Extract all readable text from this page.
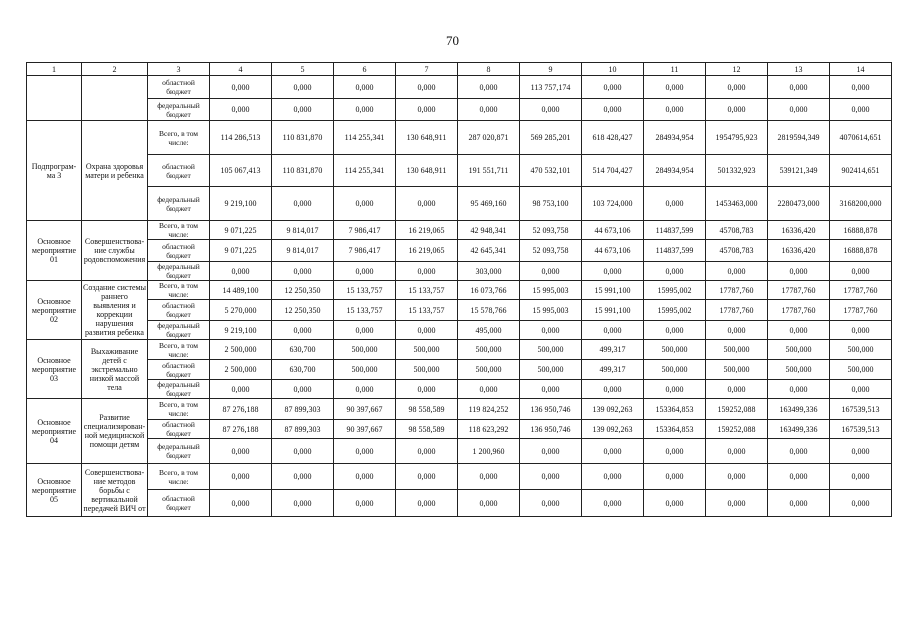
70
1	2	3	4	5	6	7	8	9	10	11	12	13	14
		областной бюджет	0,000	0,000	0,000	0,000	0,000	113 757,174	0,000	0,000	0,000	0,000	0,000
		федеральный бюджет	0,000	0,000	0,000	0,000	0,000	0,000	0,000	0,000	0,000	0,000	0,000
Подпрограм-ма 3	Охрана здоровья матери и ребенка	Всего, в том числе:	114 286,513	110 831,870	114 255,341	130 648,911	287 020,871	569 285,201	618 428,427	284934,954	1954795,923	2819594,349	4070614,651
		областной бюджет	105 067,413	110 831,870	114 255,341	130 648,911	191 551,711	470 532,101	514 704,427	284934,954	501332,923	539121,349	902414,651
		федеральный бюджет	9 219,100	0,000	0,000	0,000	95 469,160	98 753,100	103 724,000	0,000	1453463,000	2280473,000	3168200,000
Основное мероприятие 01	Совершенствова-ние службы родовспоможения	Всего, в том числе:	9 071,225	9 814,017	7 986,417	16 219,065	42 948,341	52 093,758	44 673,106	114837,599	45708,783	16336,420	16888,878
		областной бюджет	9 071,225	9 814,017	7 986,417	16 219,065	42 645,341	52 093,758	44 673,106	114837,599	45708,783	16336,420	16888,878
		федеральный бюджет	0,000	0,000	0,000	0,000	303,000	0,000	0,000	0,000	0,000	0,000	0,000
Основное мероприятие 02	Создание системы раннего выявления и коррекции нарушения развития ребенка	Всего, в том числе:	14 489,100	12 250,350	15 133,757	15 133,757	16 073,766	15 995,003	15 991,100	15995,002	17787,760	17787,760	17787,760
		областной бюджет	5 270,000	12 250,350	15 133,757	15 133,757	15 578,766	15 995,003	15 991,100	15995,002	17787,760	17787,760	17787,760
		федеральный бюджет	9 219,100	0,000	0,000	0,000	495,000	0,000	0,000	0,000	0,000	0,000	0,000
Основное мероприятие 03	Выхаживание детей с экстремально низкой массой тела	Всего, в том числе:	2 500,000	630,700	500,000	500,000	500,000	500,000	499,317	500,000	500,000	500,000	500,000
		областной бюджет	2 500,000	630,700	500,000	500,000	500,000	500,000	499,317	500,000	500,000	500,000	500,000
		федеральный бюджет	0,000	0,000	0,000	0,000	0,000	0,000	0,000	0,000	0,000	0,000	0,000
Основное мероприятие 04	Развитие специализирован-ной медицинской помощи детям	Всего, в том числе:	87 276,188	87 899,303	90 397,667	98 558,589	119 824,252	136 950,746	139 092,263	153364,853	159252,088	163499,336	167539,513
		областной бюджет	87 276,188	87 899,303	90 397,667	98 558,589	118 623,292	136 950,746	139 092,263	153364,853	159252,088	163499,336	167539,513
		федеральный бюджет	0,000	0,000	0,000	0,000	1 200,960	0,000	0,000	0,000	0,000	0,000	0,000
Основное мероприятие 05	Совершенствова-ние методов борьбы с вертикальной передачей ВИЧ от	Всего, в том числе:	0,000	0,000	0,000	0,000	0,000	0,000	0,000	0,000	0,000	0,000	0,000
		областной бюджет	0,000	0,000	0,000	0,000	0,000	0,000	0,000	0,000	0,000	0,000	0,000
